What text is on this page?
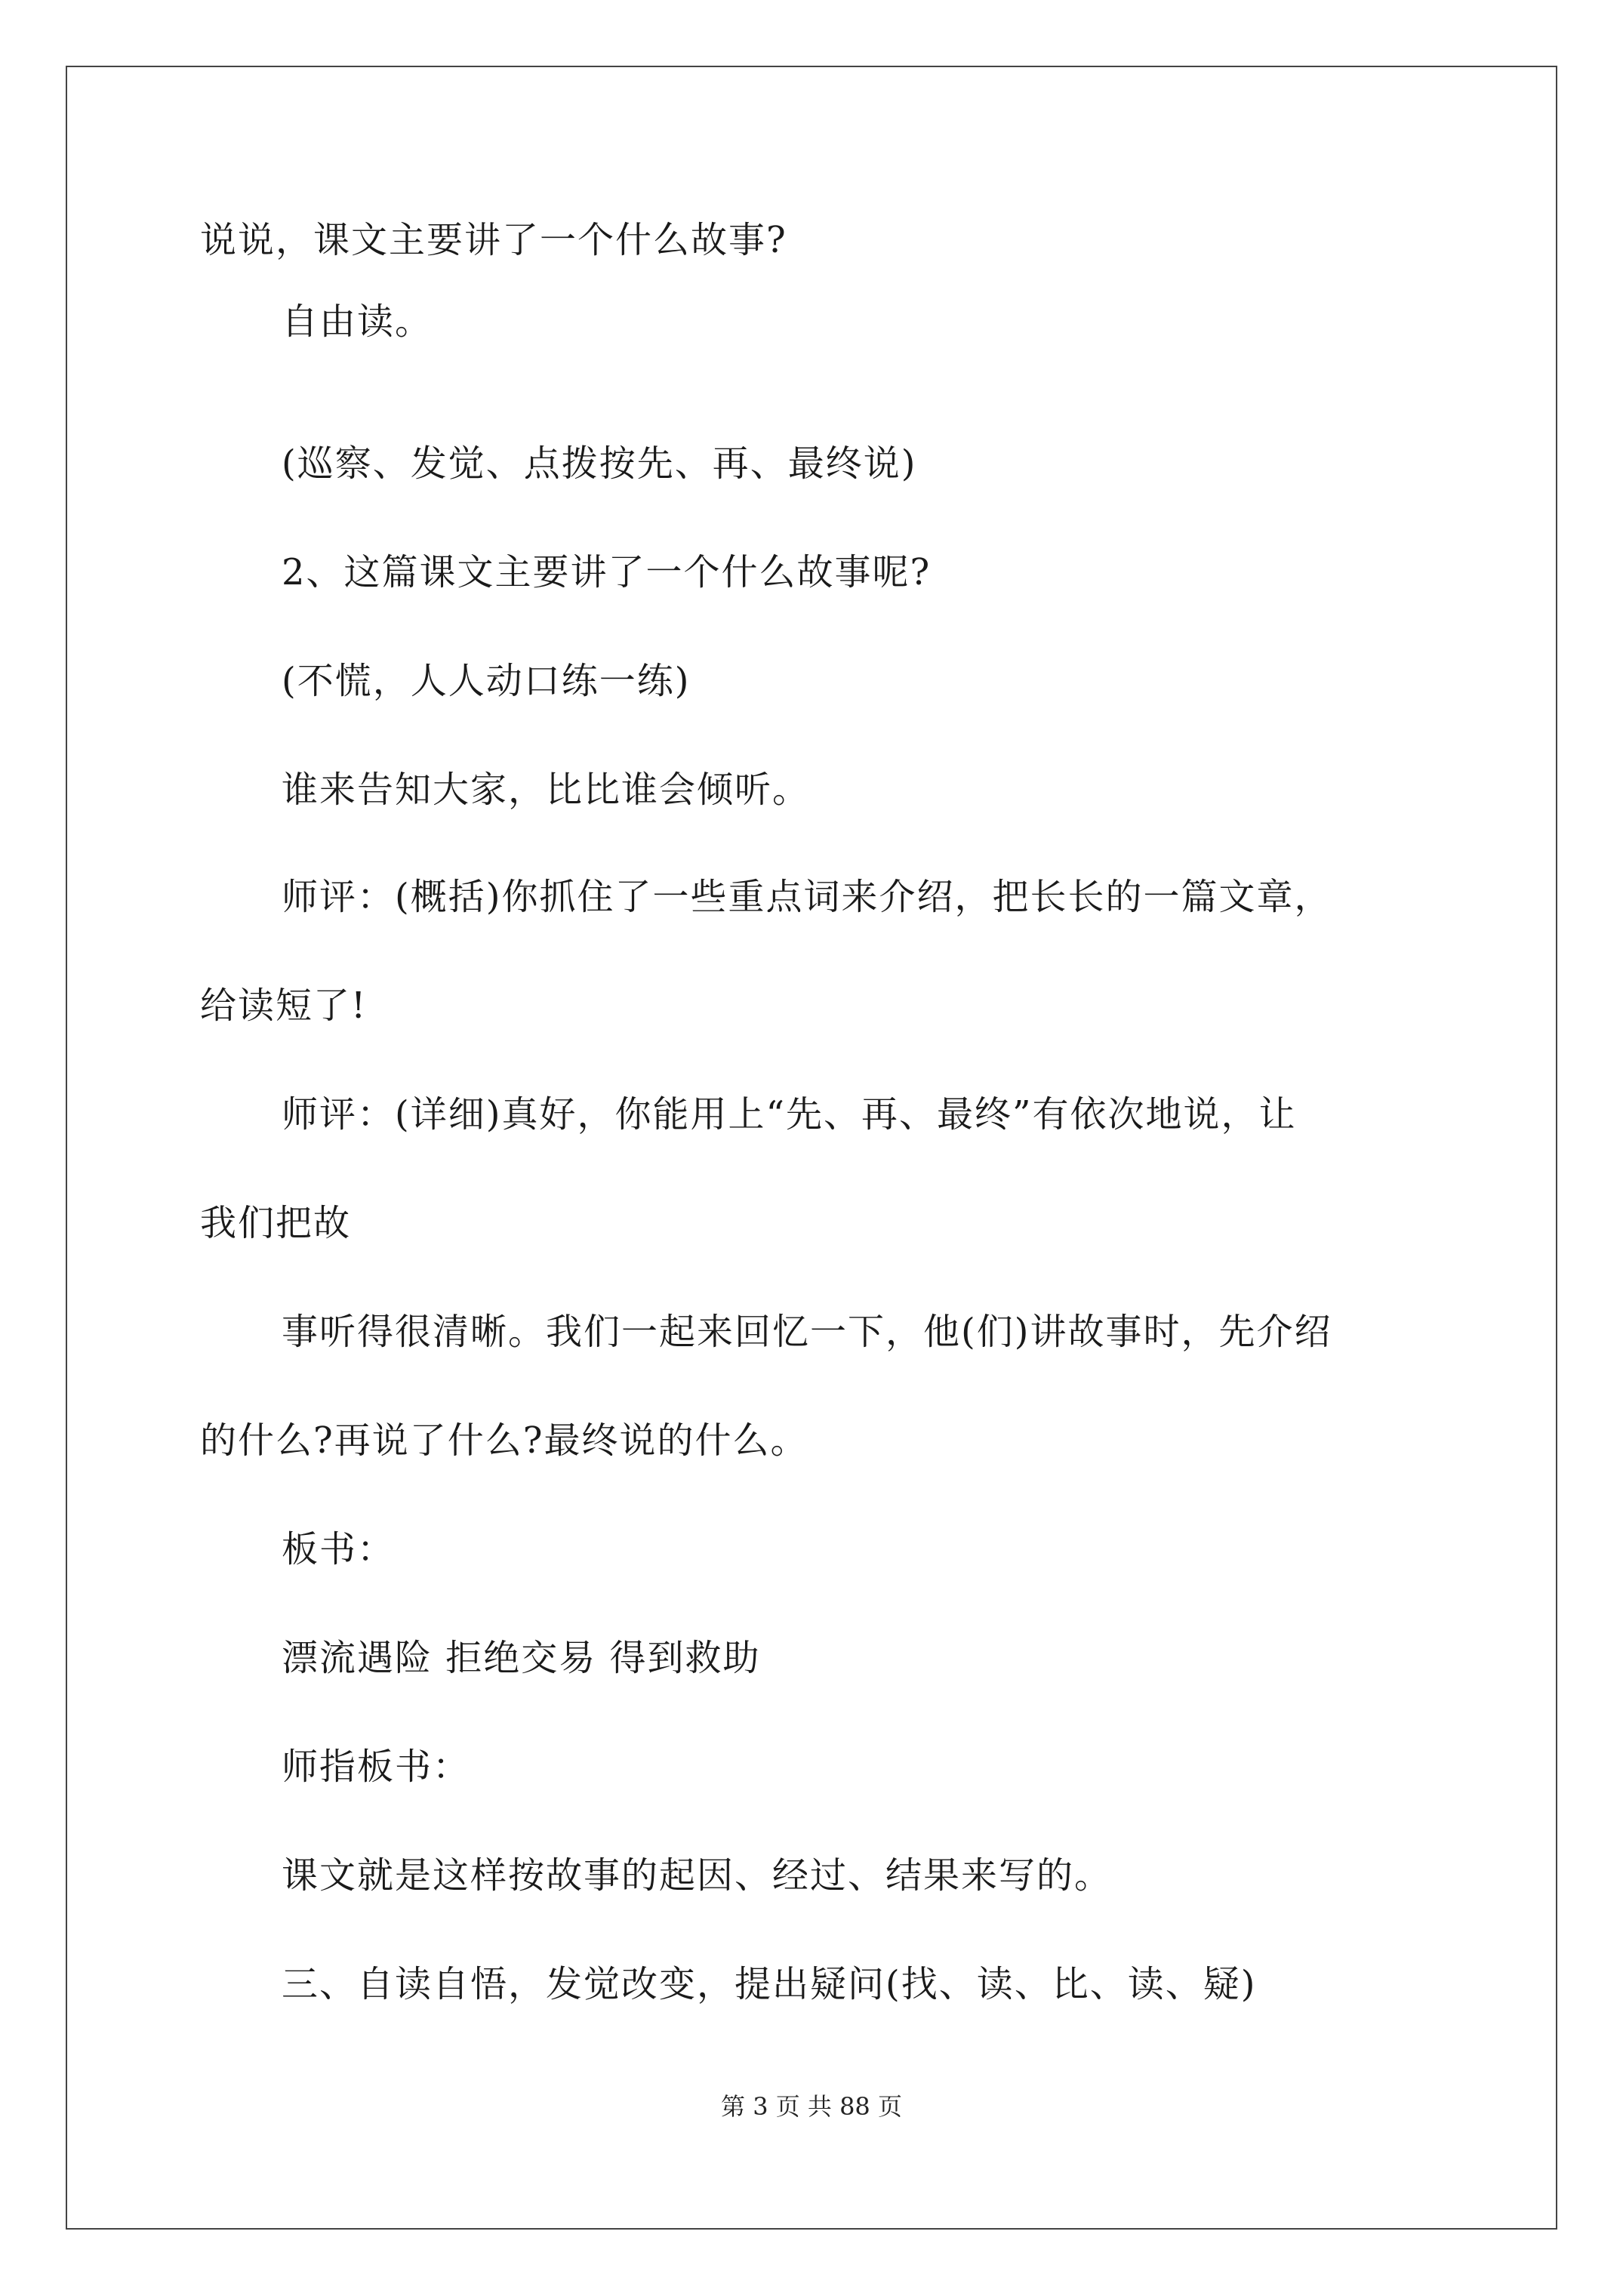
说说，课文主要讲了一个什么故事?

自由读。

(巡察、发觉、点拨按先、再、最终说)

2、这篇课文主要讲了一个什么故事呢?

(不慌，人人动口练一练)

谁来告知大家，比比谁会倾听。

师评：(概括)你抓住了一些重点词来介绍，把长长的一篇文章，

给读短了!

师评：(详细)真好，你能用上“先、再、最终”有依次地说，让

我们把故

事听得很清晰。我们一起来回忆一下，他(们)讲故事时，先介绍

的什么?再说了什么?最终说的什么。

板书：

漂流遇险 拒绝交易 得到救助

师指板书：

课文就是这样按故事的起因、经过、结果来写的。

三、自读自悟，发觉改变，提出疑问(找、读、比、读、疑)

第 3 页 共 88 页
